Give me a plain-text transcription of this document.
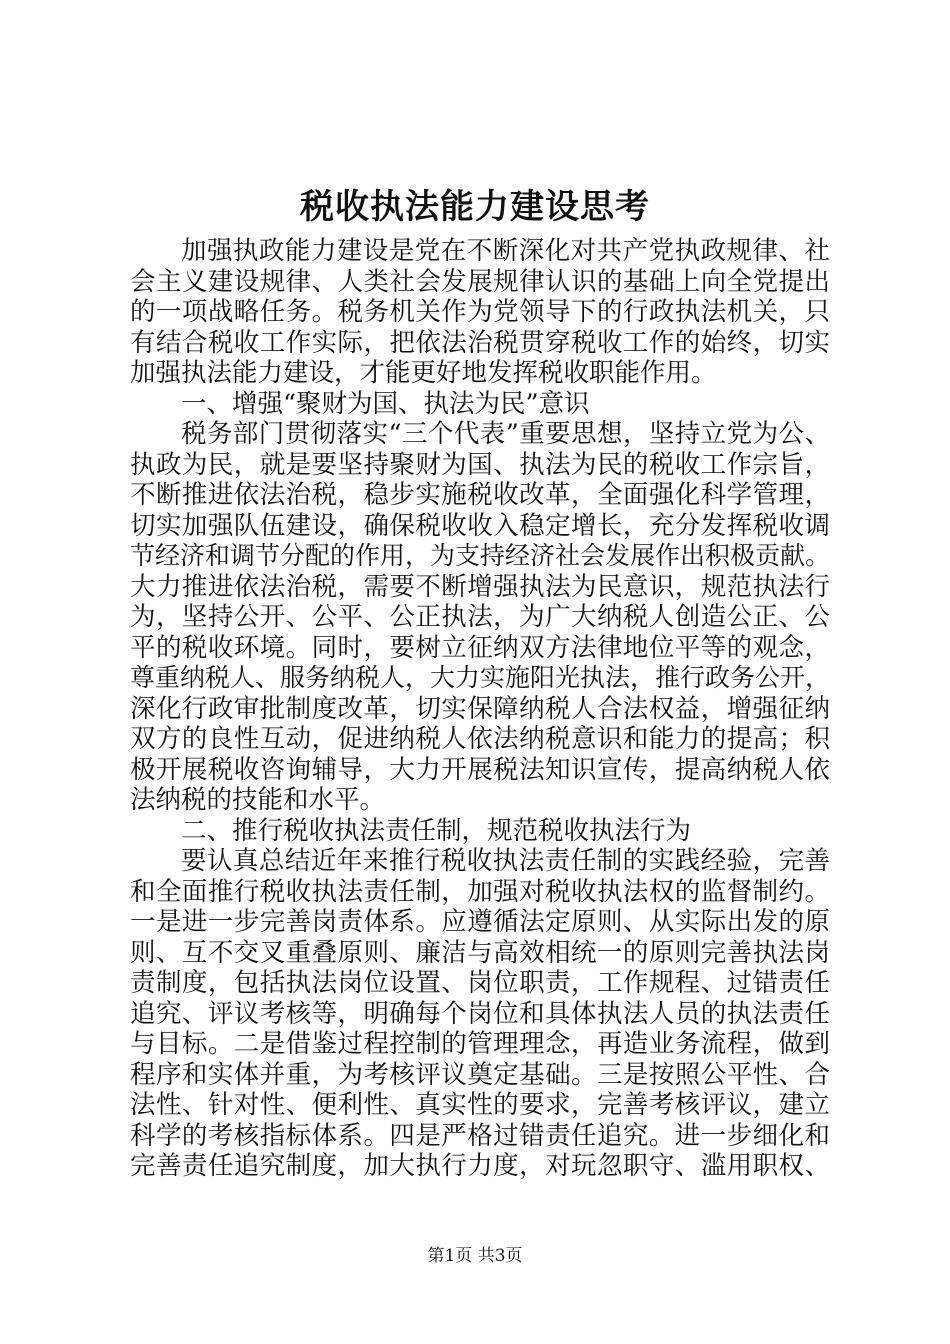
税收执法能力建设思考
加强执政能力建设是党在不断深化对共产党执政规律、社
会主义建设规律、人类社会发展规律认识的基础上向全党提出
的一项战略任务。税务机关作为党领导下的行政执法机关，只
有结合税收工作实际，把依法治税贯穿税收工作的始终，切实
加强执法能力建设，才能更好地发挥税收职能作用。
一、增强“聚财为国、执法为民”意识
税务部门贯彻落实“三个代表”重要思想，坚持立党为公、
执政为民，就是要坚持聚财为国、执法为民的税收工作宗旨，
不断推进依法治税，稳步实施税收改革，全面强化科学管理，
切实加强队伍建设，确保税收收入稳定增长，充分发挥税收调
节经济和调节分配的作用，为支持经济社会发展作出积极贡献。
大力推进依法治税，需要不断增强执法为民意识，规范执法行
为，坚持公开、公平、公正执法，为广大纳税人创造公正、公
平的税收环境。同时，要树立征纳双方法律地位平等的观念，
尊重纳税人、服务纳税人，大力实施阳光执法，推行政务公开，
深化行政审批制度改革，切实保障纳税人合法权益，增强征纳
双方的良性互动，促进纳税人依法纳税意识和能力的提高；积
极开展税收咨询辅导，大力开展税法知识宣传，提高纳税人依
法纳税的技能和水平。
二、推行税收执法责任制，规范税收执法行为
要认真总结近年来推行税收执法责任制的实践经验，完善
和全面推行税收执法责任制，加强对税收执法权的监督制约。
一是进一步完善岗责体系。应遵循法定原则、从实际出发的原
则、互不交叉重叠原则、廉洁与高效相统一的原则完善执法岗
责制度，包括执法岗位设置、岗位职责，工作规程、过错责任
追究、评议考核等，明确每个岗位和具体执法人员的执法责任
与目标。二是借鉴过程控制的管理理念，再造业务流程，做到
程序和实体并重，为考核评议奠定基础。三是按照公平性、合
法性、针对性、便利性、真实性的要求，完善考核评议，建立
科学的考核指标体系。四是严格过错责任追究。进一步细化和
完善责任追究制度，加大执行力度，对玩忽职守、滥用职权、
第1页 共3页
